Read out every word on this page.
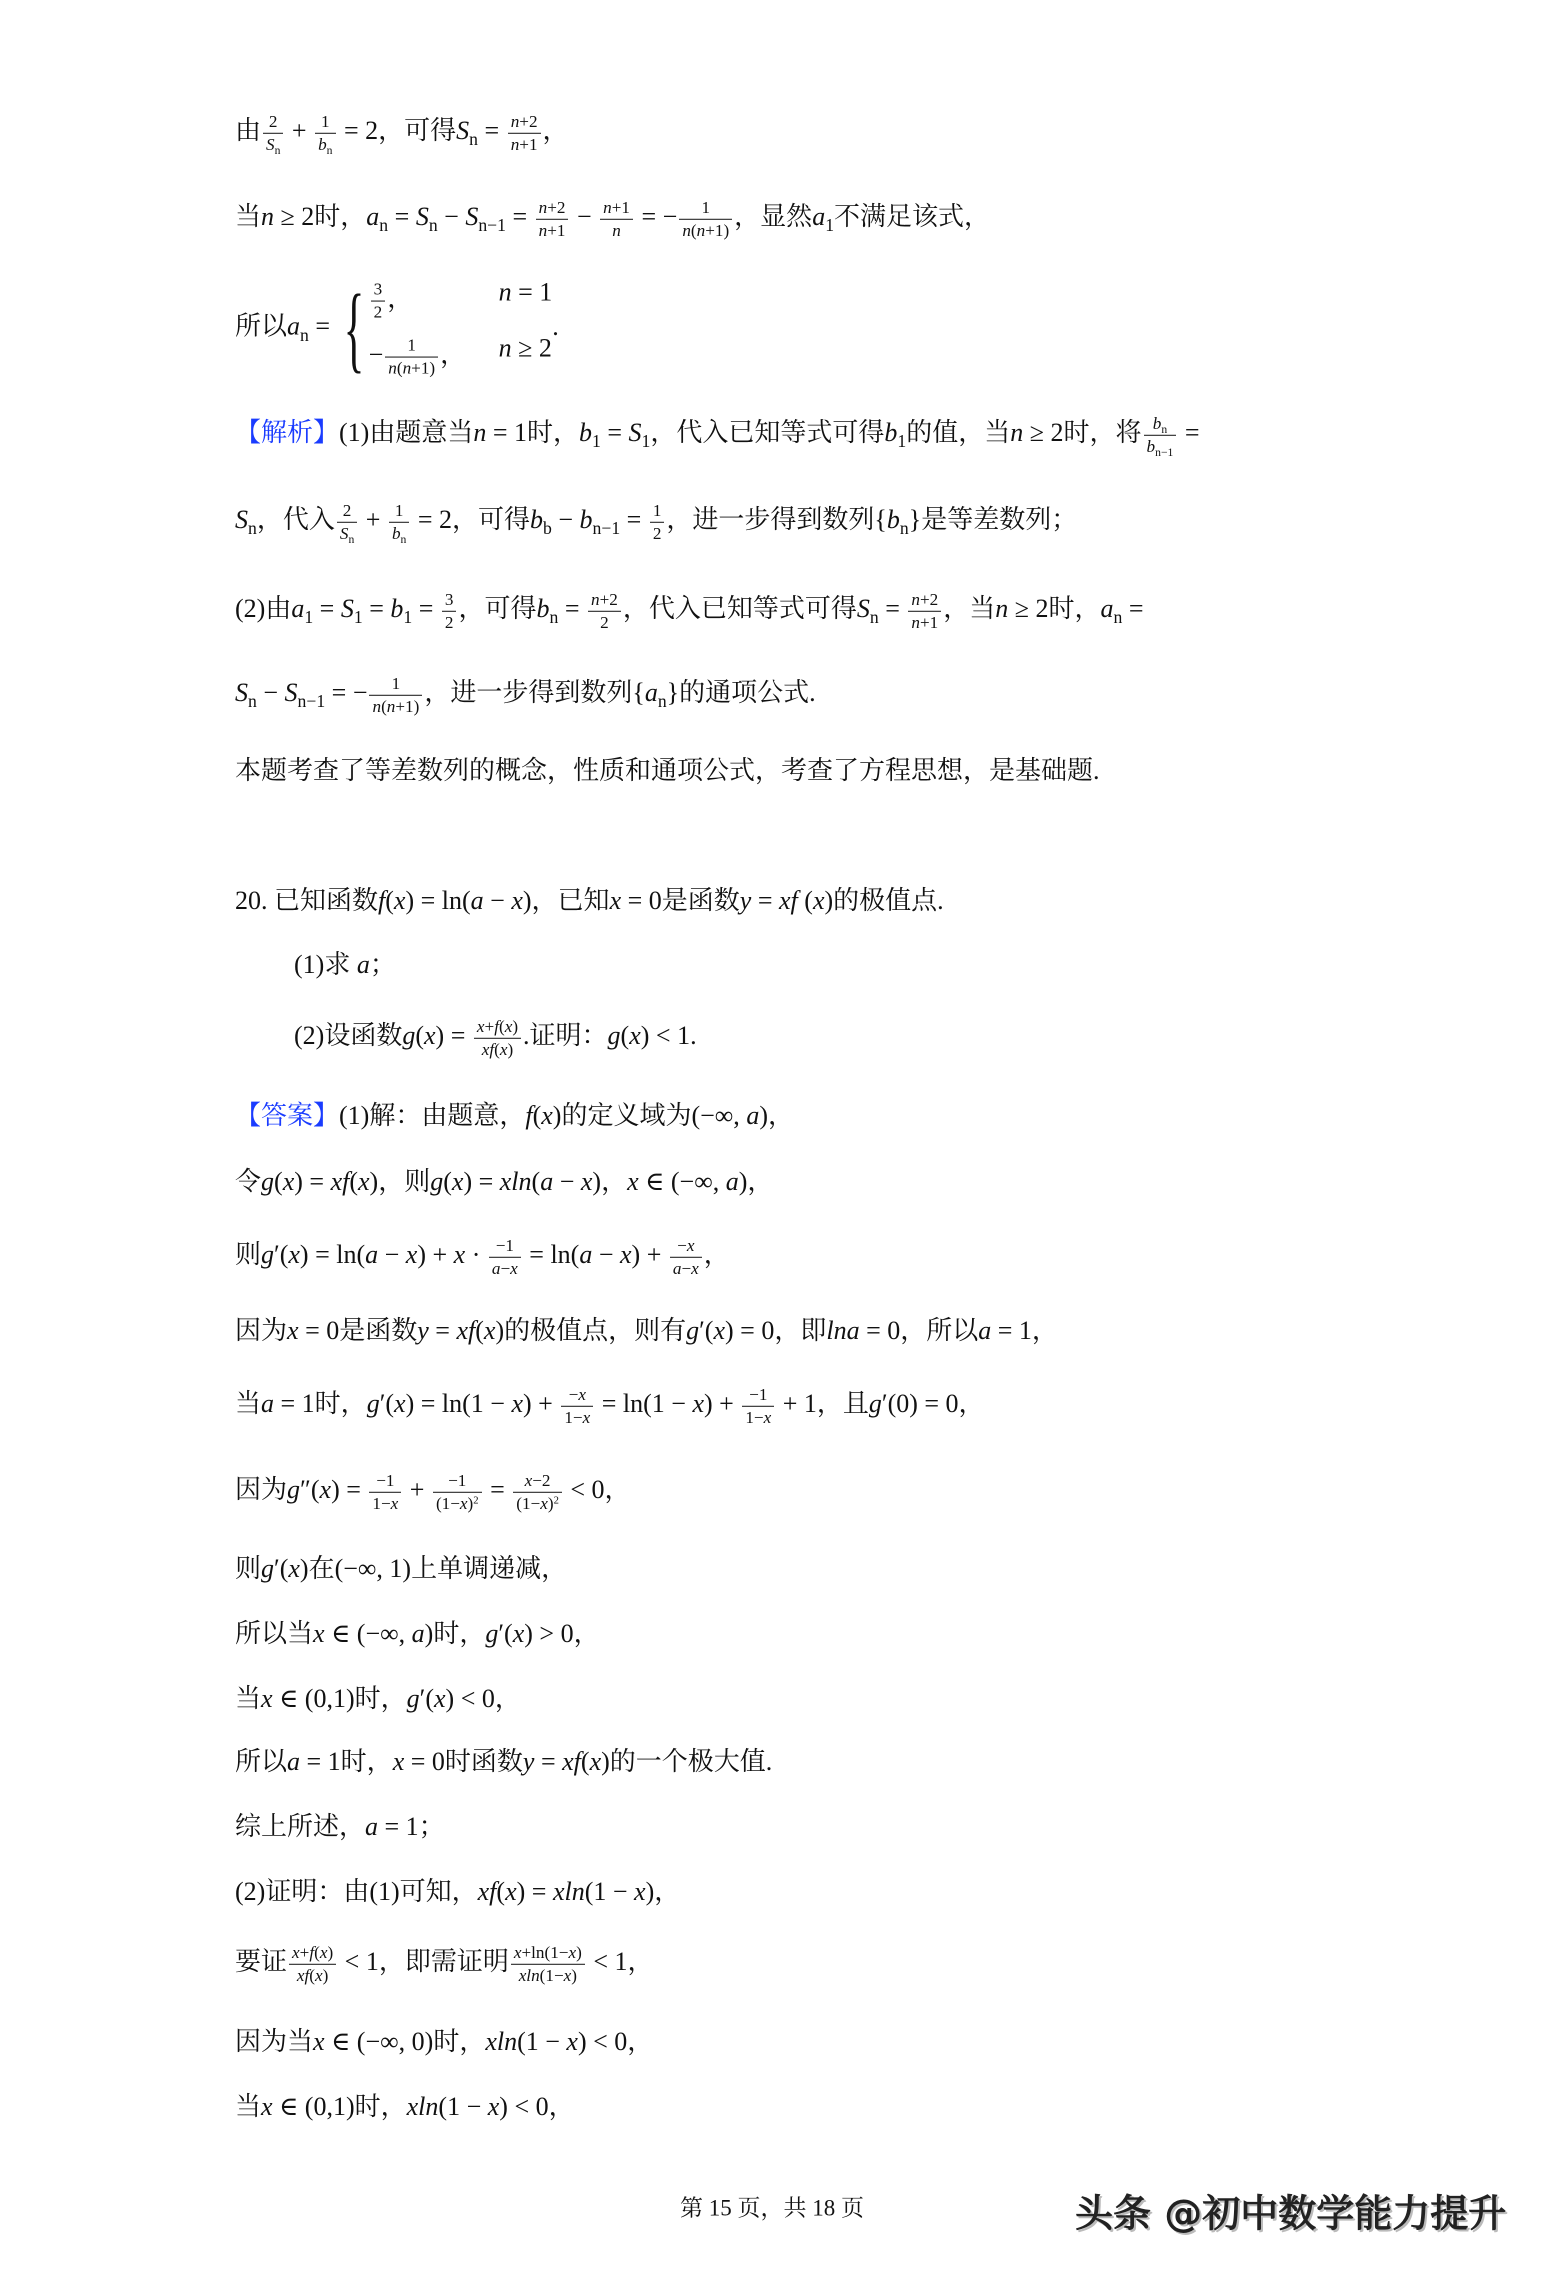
由 $\frac{2}{S_n} + \frac{1}{b_n} = 2$，可得$S_n = \frac{n+2}{n+1}$ ，
当n ≥ 2时，$a_n = S_n - S_{n-1} = \frac{n+2}{n+1} - \frac{n+1}{n}$ = − $\frac{1}{n(n+1)}$ ，显然$a_1$不满足该式，
所以$a_n$ = { $\frac{3}{2}$ ，	n = 1
− $\frac{1}{n(n+1)}$ ，	n ≥ 2
.
【解析】(1)由题意当n = 1时，$b_1 = S_1$，代入已知等式可得$b_1$的值，当n ≥ 2时，将 $\frac{b_n}{b_{n-1}}$ =
$S_n$，代入 $\frac{2}{S_n} + \frac{1}{b_n} = 2$，可得$b_b - b_{n-1} = \frac{1}{2}$ ，进一步得到数列$\{b_n\}$是等差数列；
(2)由$a_1 = S_1 = b_1 = \frac{3}{2}$ ，可得$b_n = \frac{n+2}{2}$ ，代入已知等式可得$S_n = \frac{n+2}{n+1}$ ，当n ≥ 2时，$a_n$ =
$S_n - S_{n-1}$ = − $\frac{1}{n(n+1)}$ ，进一步得到数列$\{a_n\}$的通项公式.
本题考查了等差数列的概念，性质和通项公式，考查了方程思想，是基础题.
20. 已知函数f(x) = ln(a − x)，已知x = 0是函数y = xf (x)的极值点.
(1)求 a；
(2)设函数$g(x) = \frac{x+f(x)}{xf(x)}$ .证明：g(x) < 1.
【答案】(1)解：由题意，f(x)的定义域为(−∞, a)，
令g(x) = xf(x)，则g(x) = xln(a − x)，x ∈ (−∞, a)，
则$g'(x) = \ln(a - x) + x \cdot \frac{-1}{a-x} = \ln(a - x) + \frac{-x}{a-x}$ ，
因为x = 0是函数y = xf(x)的极值点，则有g′(x) = 0，即lna = 0，所以a = 1，
当a = 1时，$g'(x) = \ln(1 - x) + \frac{-x}{1-x} = \ln(1 - x) + \frac{-1}{1-x} + 1$，且g′(0) = 0，
因为$g''(x) = \frac{-1}{1-x} + \frac{-1}{(1-x)^2} = \frac{x-2}{(1-x)^2} < 0$，
则g′(x)在(−∞, 1)上单调递减，
所以当x ∈ (−∞, a)时，g′(x) > 0，
当x ∈ (0,1)时，g′(x) < 0，
所以a = 1时，x = 0时函数y = xf(x)的一个极大值.
综上所述，a = 1；
(2)证明：由(1)可知，xf(x) = xln(1 − x)，
要证 $\frac{x+f(x)}{xf(x)} < 1$，即需证明 $\frac{x+\ln(1-x)}{xln(1-x)} < 1$，
因为当x ∈ (−∞, 0)时，xln(1 − x) < 0，
当x ∈ (0,1)时，xln(1 − x) < 0，
第 15 页，共 18 页	头条 @初中数学能力提升
